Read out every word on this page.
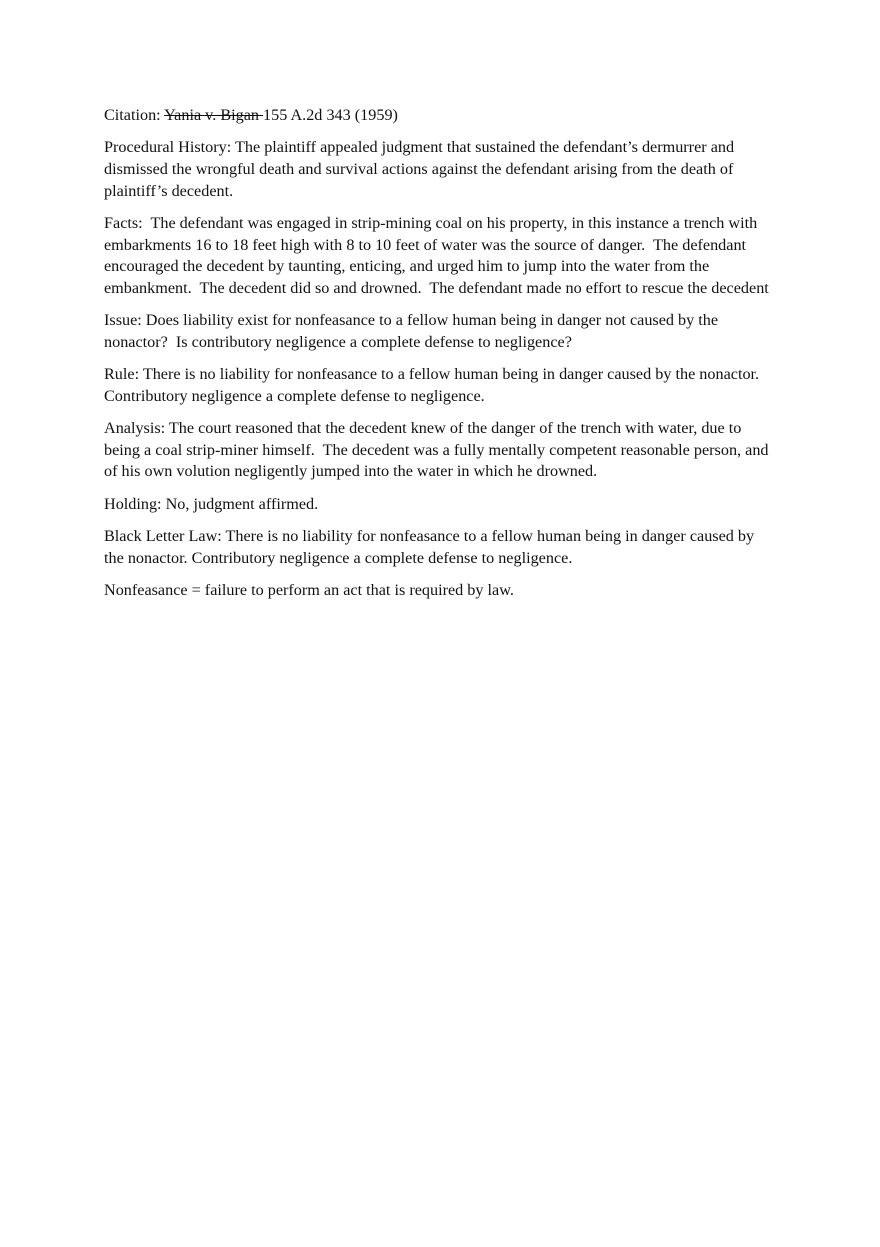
Citation: Yania v. Bigan 155 A.2d 343 (1959)

Procedural History: The plaintiff appealed judgment that sustained the defendant’s dermurrer and dismissed the wrongful death and survival actions against the defendant arising from the death of plaintiff’s decedent.

Facts:  The defendant was engaged in strip-mining coal on his property, in this instance a trench with embarkments 16 to 18 feet high with 8 to 10 feet of water was the source of danger.  The defendant encouraged the decedent by taunting, enticing, and urged him to jump into the water from the embankment.  The decedent did so and drowned.  The defendant made no effort to rescue the decedent

Issue: Does liability exist for nonfeasance to a fellow human being in danger not caused by the nonactor?  Is contributory negligence a complete defense to negligence?

Rule: There is no liability for nonfeasance to a fellow human being in danger caused by the nonactor. Contributory negligence a complete defense to negligence.

Analysis: The court reasoned that the decedent knew of the danger of the trench with water, due to being a coal strip-miner himself.  The decedent was a fully mentally competent reasonable person, and of his own volution negligently jumped into the water in which he drowned.

Holding: No, judgment affirmed.

Black Letter Law: There is no liability for nonfeasance to a fellow human being in danger caused by the nonactor. Contributory negligence a complete defense to negligence.

Nonfeasance = failure to perform an act that is required by law.
